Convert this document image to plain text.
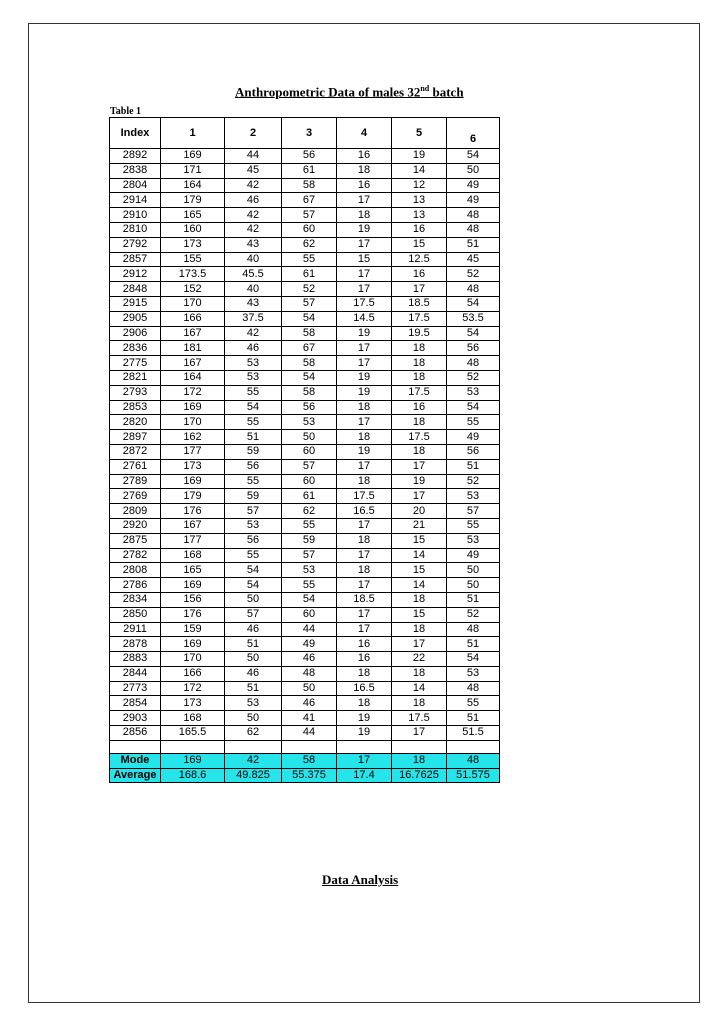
Anthropometric Data of males 32nd batch
Table 1
Index	1	2	3	4	5	6
2892	169	44	56	16	19	54
2838	171	45	61	18	14	50
2804	164	42	58	16	12	49
2914	179	46	67	17	13	49
2910	165	42	57	18	13	48
2810	160	42	60	19	16	48
2792	173	43	62	17	15	51
2857	155	40	55	15	12.5	45
2912	173.5	45.5	61	17	16	52
2848	152	40	52	17	17	48
2915	170	43	57	17.5	18.5	54
2905	166	37.5	54	14.5	17.5	53.5
2906	167	42	58	19	19.5	54
2836	181	46	67	17	18	56
2775	167	53	58	17	18	48
2821	164	53	54	19	18	52
2793	172	55	58	19	17.5	53
2853	169	54	56	18	16	54
2820	170	55	53	17	18	55
2897	162	51	50	18	17.5	49
2872	177	59	60	19	18	56
2761	173	56	57	17	17	51
2789	169	55	60	18	19	52
2769	179	59	61	17.5	17	53
2809	176	57	62	16.5	20	57
2920	167	53	55	17	21	55
2875	177	56	59	18	15	53
2782	168	55	57	17	14	49
2808	165	54	53	18	15	50
2786	169	54	55	17	14	50
2834	156	50	54	18.5	18	51
2850	176	57	60	17	15	52
2911	159	46	44	17	18	48
2878	169	51	49	16	17	51
2883	170	50	46	16	22	54
2844	166	46	48	18	18	53
2773	172	51	50	16.5	14	48
2854	173	53	46	18	18	55
2903	168	50	41	19	17.5	51
2856	165.5	62	44	19	17	51.5

Mode	169	42	58	17	18	48
Average	168.6	49.825	55.375	17.4	16.7625	51.575
Data Analysis
